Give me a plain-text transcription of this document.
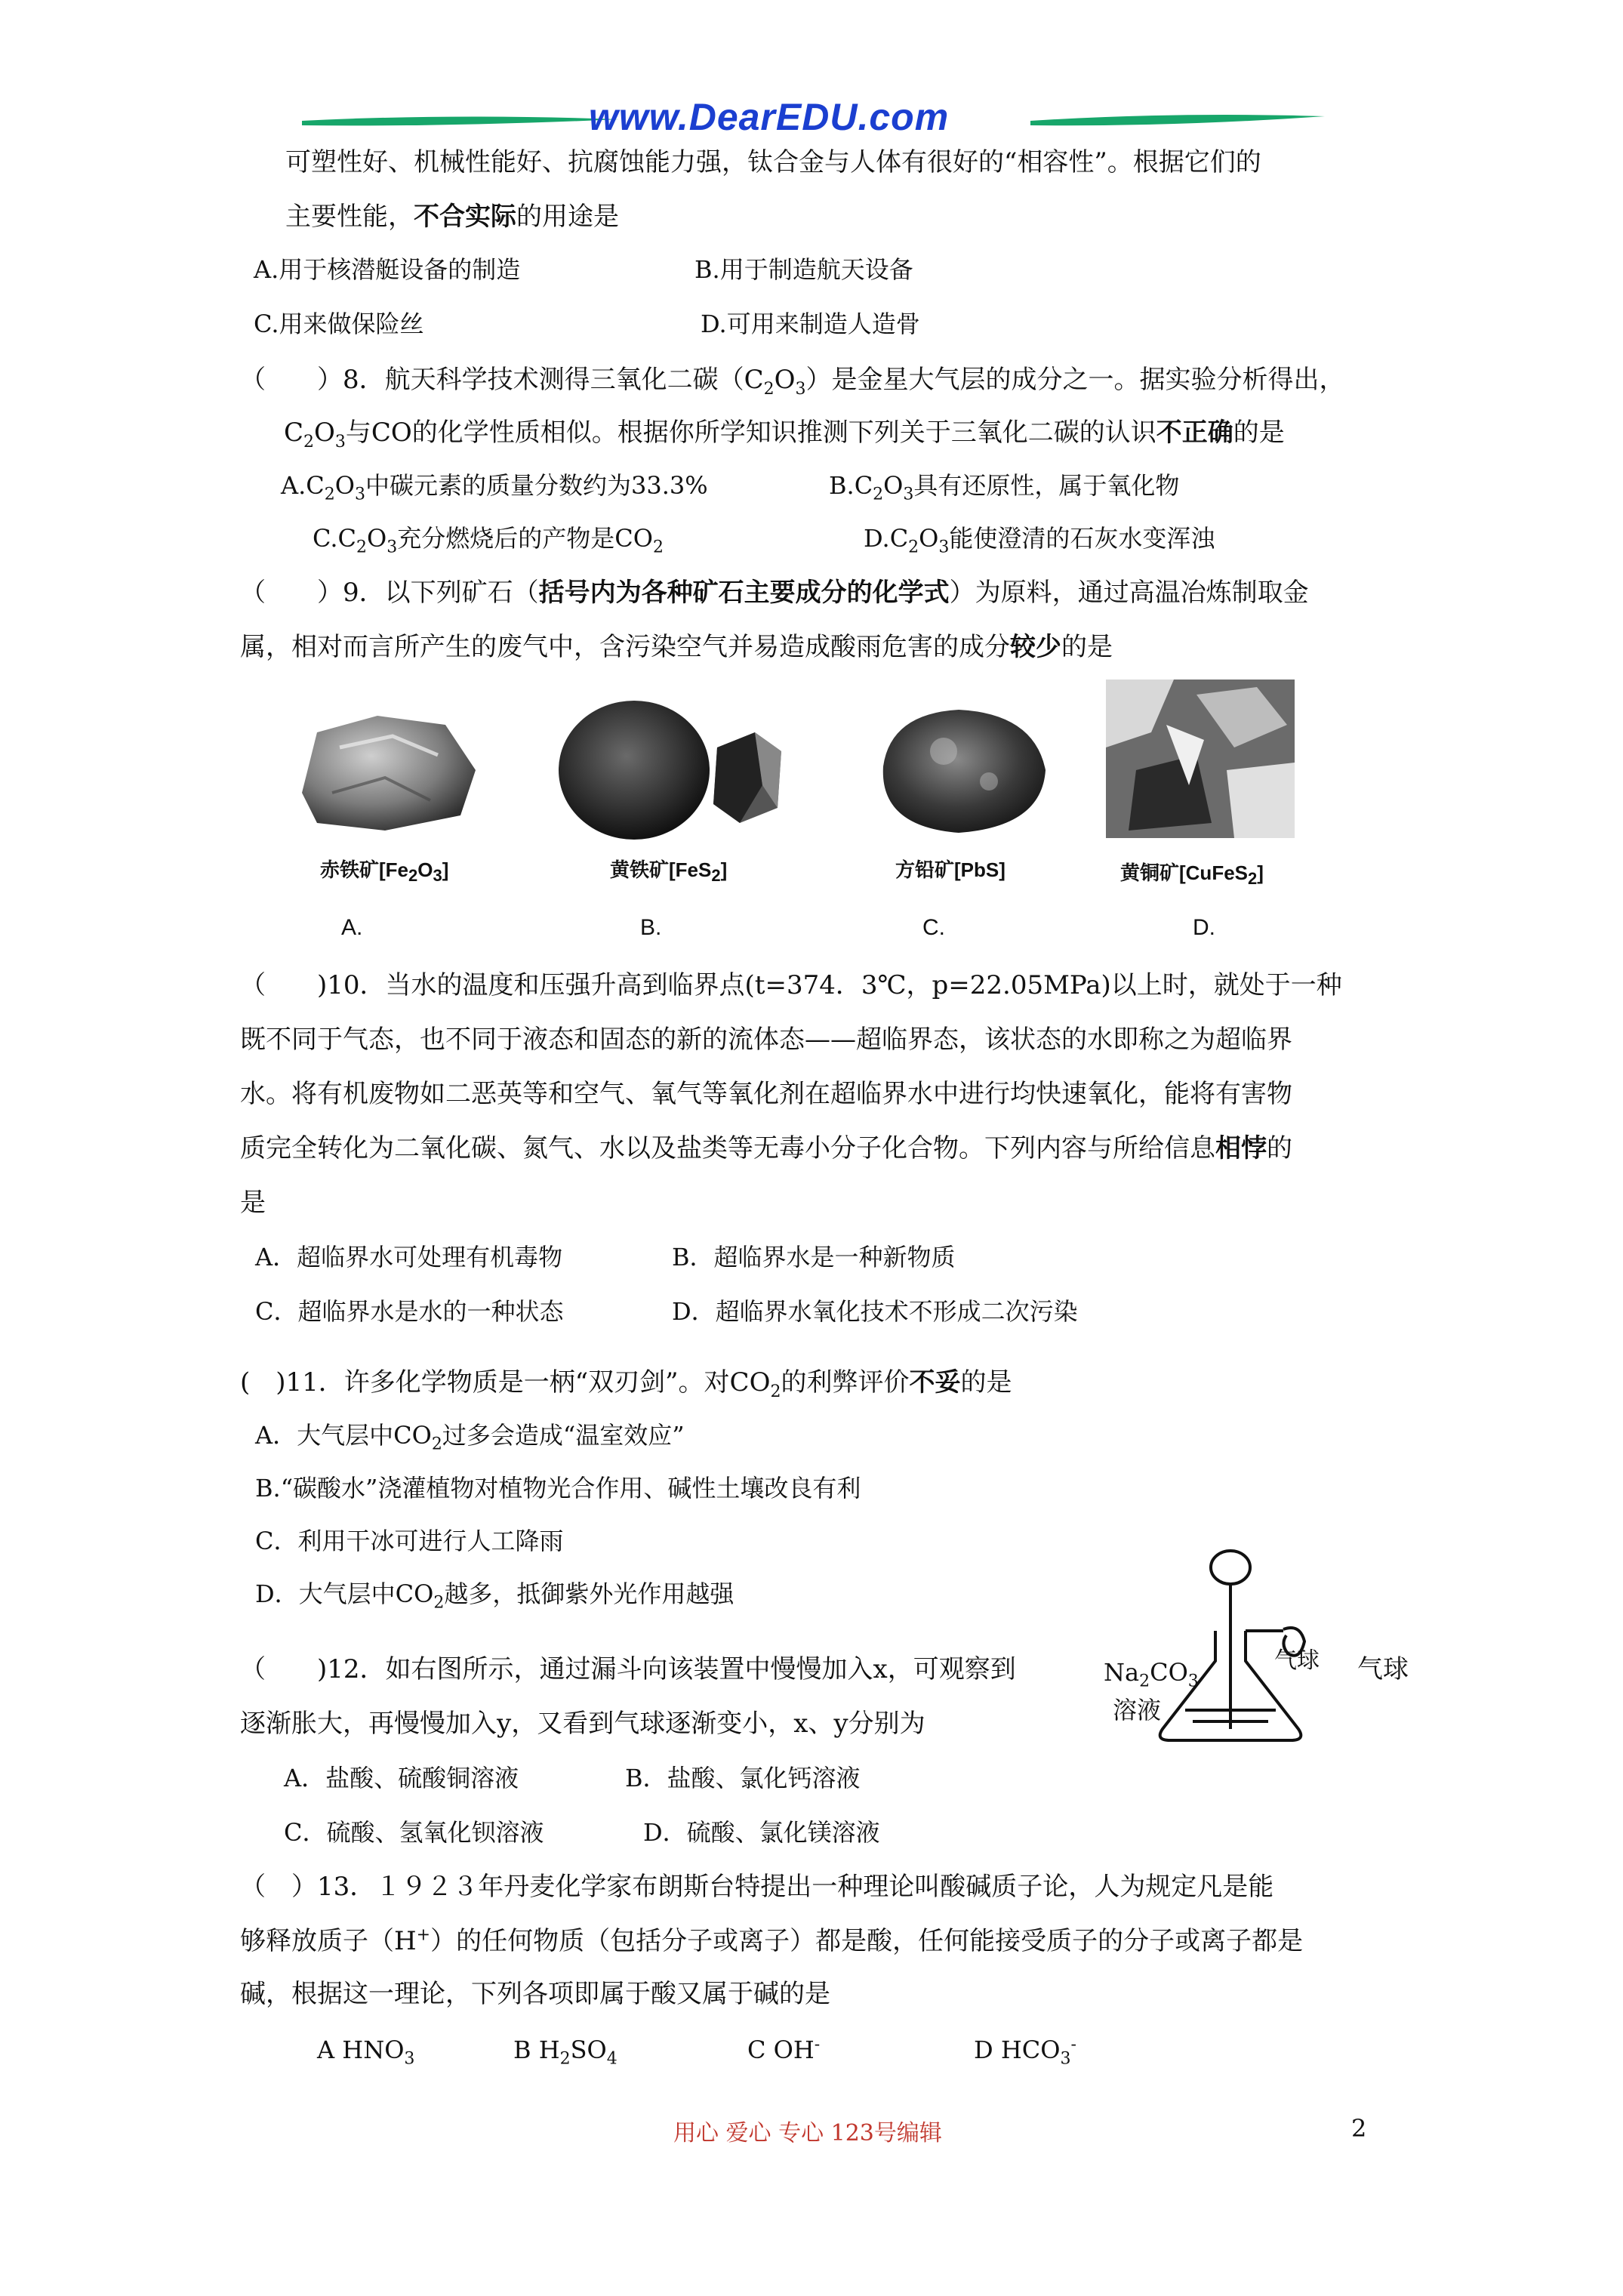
www.DearEDU.com
可塑性好、机械性能好、抗腐蚀能力强，钛合金与人体有很好的“相容性”。根据它们的
主要性能，不合实际的用途是
A.用于核潜艇设备的制造	B.用于制造航天设备
C.用来做保险丝	D.可用来制造人造骨
（　　）8．航天科学技术测得三氧化二碳$(C_2O_3)$是金星大气层的成分之一。据实验分析得出，
$C_2O_3$与CO的化学性质相似。根据你所学知识推测下列关于三氧化二碳的认识不正确的是
$A.C_2O_3$中碳元素的质量分数约为33.3%	$B.C_2O_3$具有还原性，属于氧化物
$C.C_2O_3$充分燃烧后的产物是$CO_2$	$D.C_2O_3$能使澄清的石灰水变浑浊
（　　）9．以下列矿石（括号内为各种矿石主要成分的化学式）为原料，通过高温冶炼制取金
属，相对而言所产生的废气中，含污染空气并易造成酸雨危害的成分较少的是
赤铁矿$[Fe_2O_3]$	黄铁矿[FeS$_2$]	方铅矿[PbS]	黄铜矿[CuFeS$_2$]
A.	B.	C.	D.
（　　)10．当水的温度和压强升高到临界点(t=374．3℃，p=22.05MPa)以上时，就处于一种
既不同于气态，也不同于液态和固态的新的流体态——超临界态，该状态的水即称之为超临界
水。将有机废物如二恶英等和空气、氧气等氧化剂在超临界水中进行均快速氧化，能将有害物
质完全转化为二氧化碳、氮气、水以及盐类等无毒小分子化合物。下列内容与所给信息相悖的
是
A．超临界水可处理有机毒物	B．超临界水是一种新物质
C．超临界水是水的一种状态	D．超临界水氧化技术不形成二次污染
(　)11．许多化学物质是一柄“双刃剑”。对$CO_2$的利弊评价不妥的是
A．大气层中$CO_2$过多会造成“温室效应”
B.“碳酸水”浇灌植物对植物光合作用、碱性土壤改良有利
C．利用干冰可进行人工降雨
D．大气层中$CO_2$越多，抵御紫外光作用越强
（　　)12．如右图所示，通过漏斗向该装置中慢慢加入x，可观察到	气球
逐渐胀大，再慢慢加入y，又看到气球逐渐变小，x、y分别为
A．盐酸、硫酸铜溶液	B．盐酸、氯化钙溶液
C．硫酸、氢氧化钡溶液	D．硫酸、氯化镁溶液
$Na_2CO_3$
溶液
气球
（　）13．１９２３年丹麦化学家布朗斯台特提出一种理论叫酸碱质子论，人为规定凡是能
够释放质子（H+）的任何物质（包括分子或离子）都是酸，任何能接受质子的分子或离子都是
碱，根据这一理论，下列各项即属于酸又属于碱的是
A $HNO_3$	B $H_2SO_4$	C OH-	D $HCO_3^-$
用心 爱心 专心 123号编辑	2
